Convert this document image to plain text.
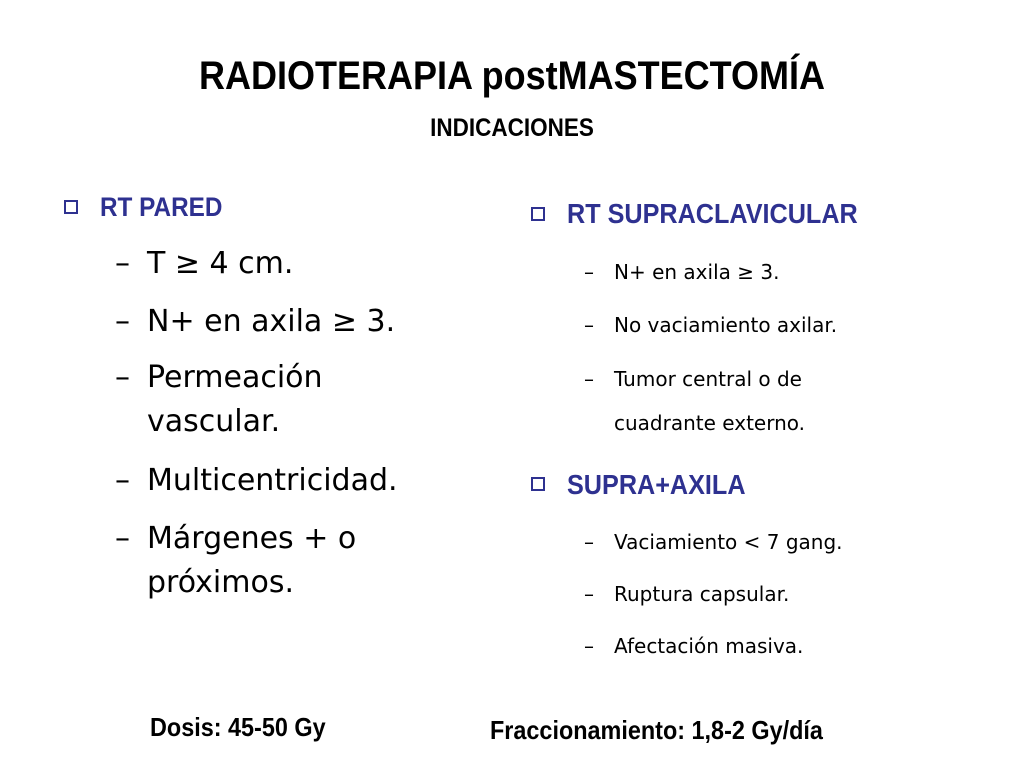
RADIOTERAPIA postMASTECTOMÍA
INDICACIONES
RT PARED
– T ≥ 4 cm.
– N+ en axila ≥ 3.
– Permeación
vascular.
– Multicentricidad.
– Márgenes + o
próximos.
RT SUPRACLAVICULAR
– N+ en axila ≥ 3.
– No vaciamiento axilar.
– Tumor central o de
cuadrante externo.
SUPRA+AXILA
– Vaciamiento < 7 gang.
– Ruptura capsular.
– Afectación masiva.
Dosis: 45-50 Gy	Fraccionamiento: 1,8-2 Gy/día
